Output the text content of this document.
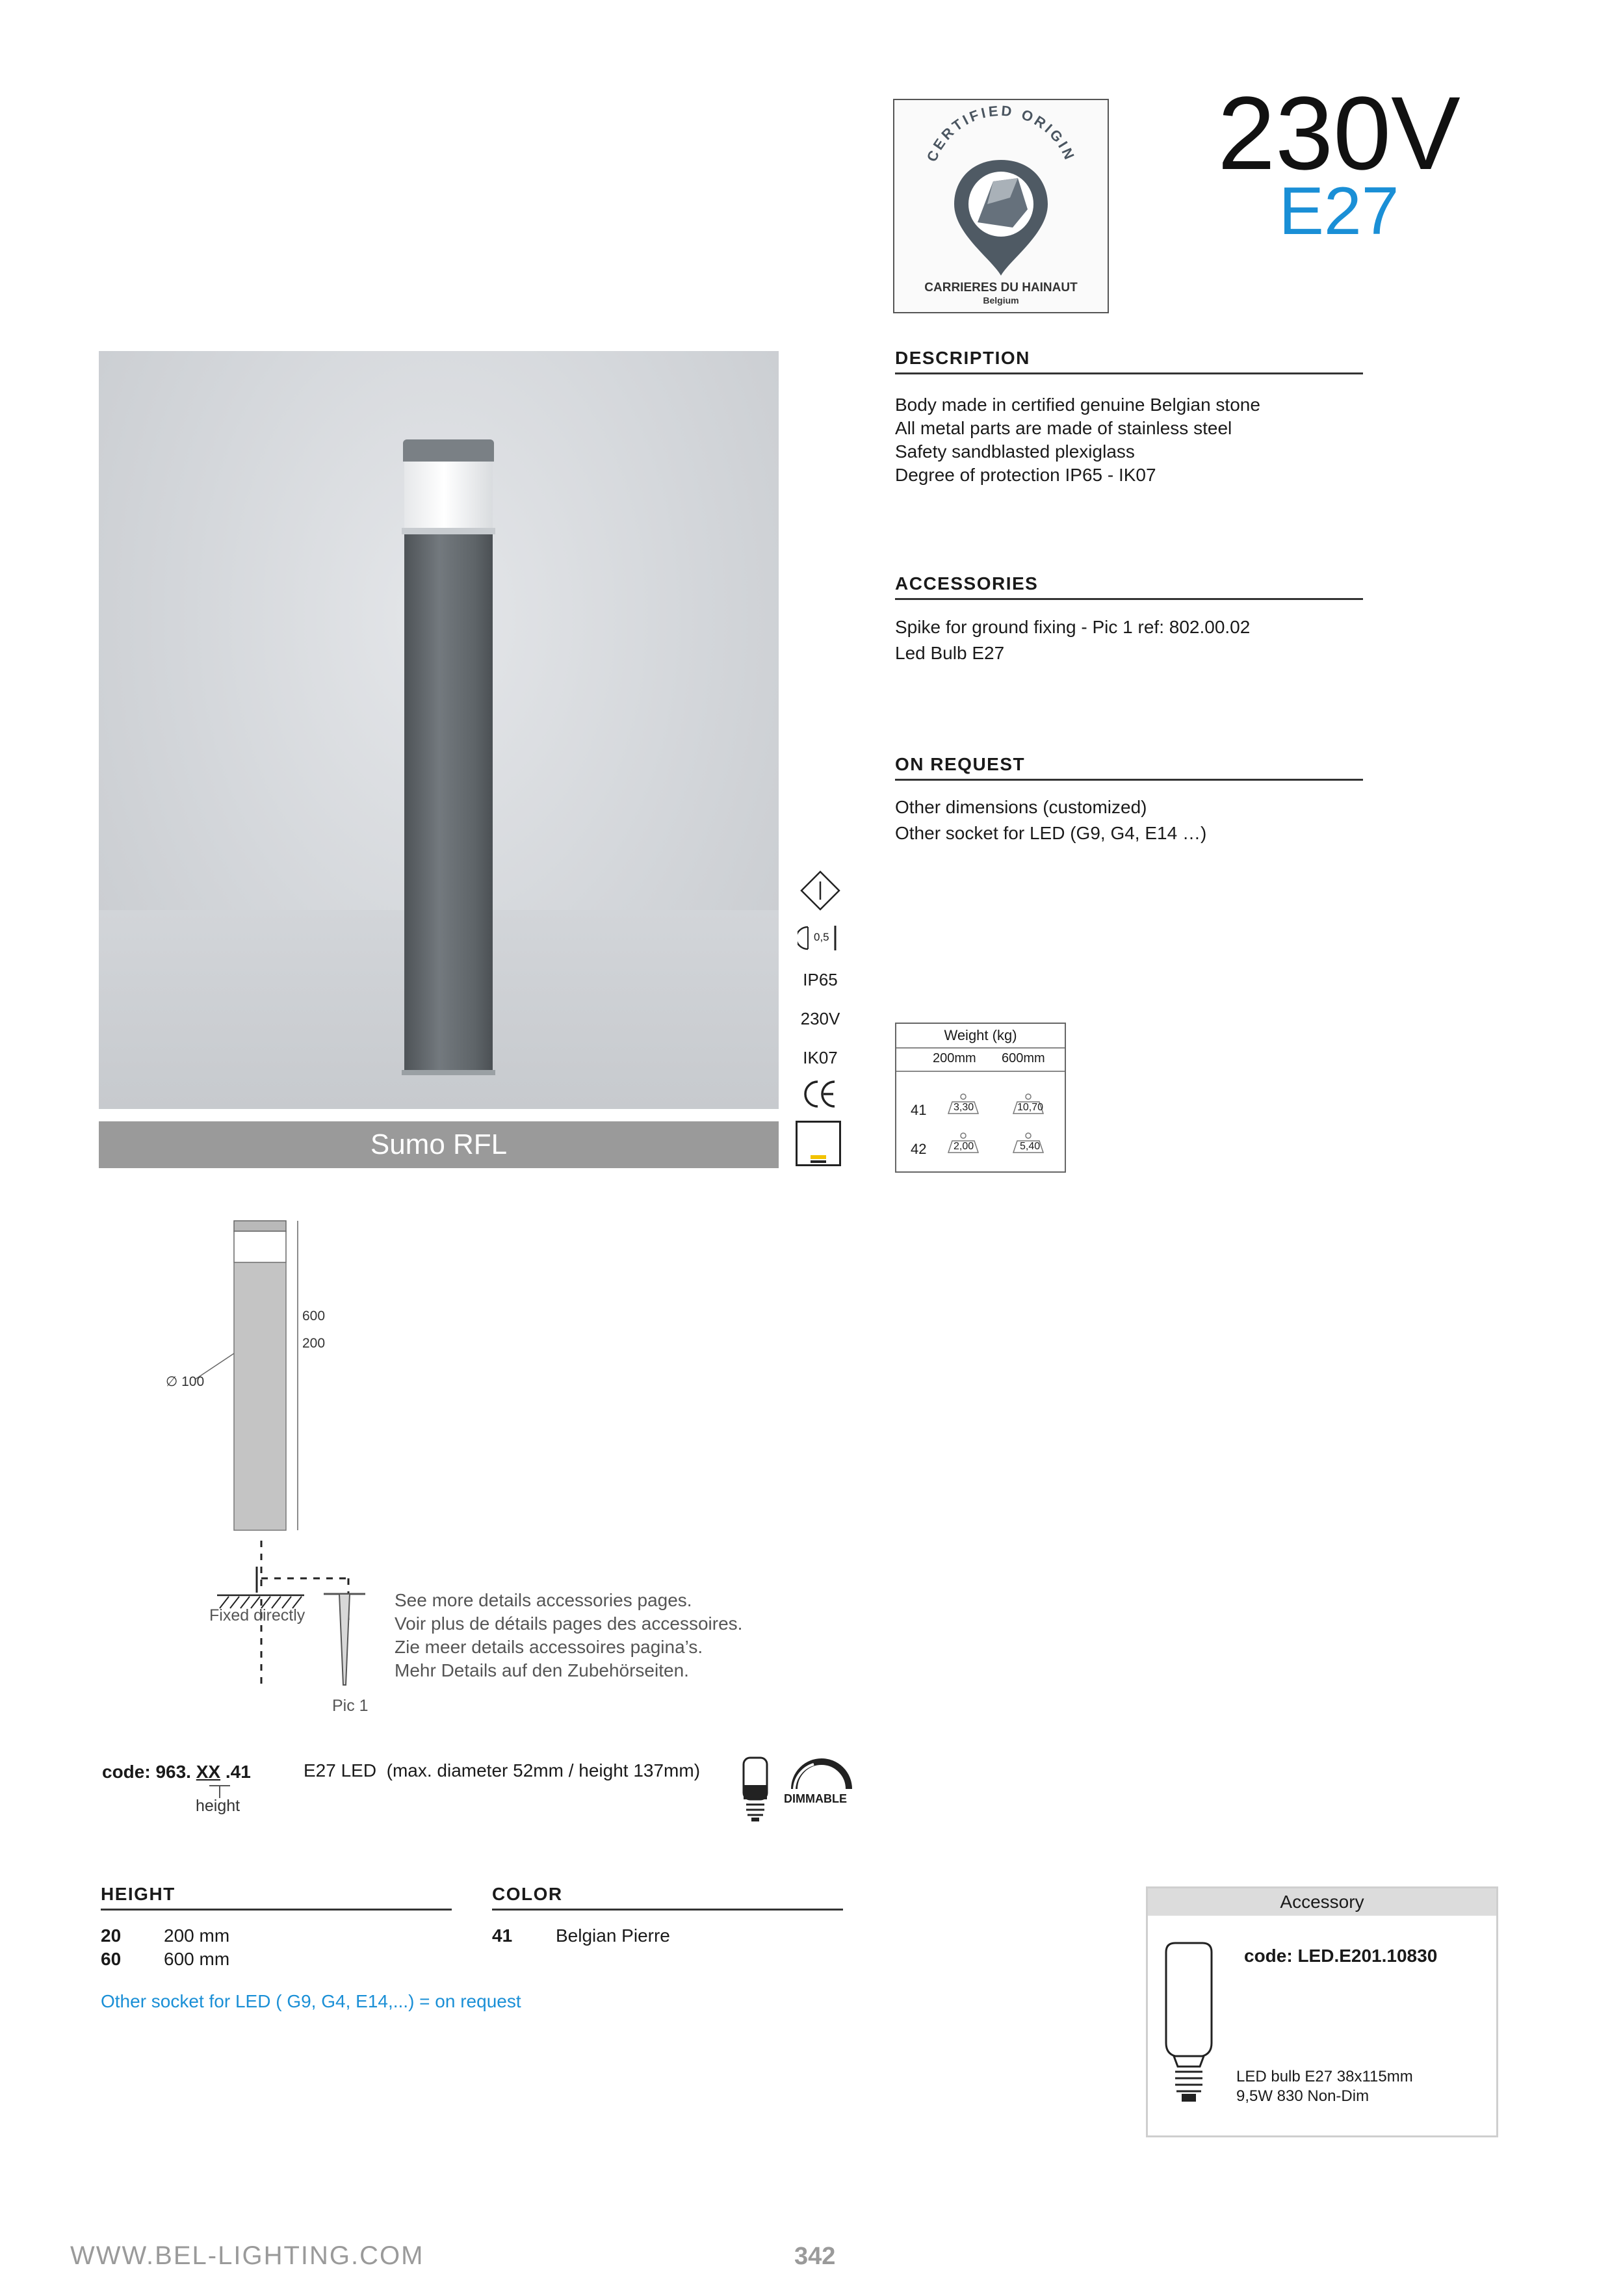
CERTIFIED ORIGIN
CARRIERES DU HAINAUT
Belgium
230V
E27
Sumo RFL
DESCRIPTION
Body made in certified genuine Belgian stone
All metal parts are made of stainless steel
Safety sandblasted plexiglass
Degree of protection IP65 - IK07
ACCESSORIES
Spike for ground fixing - Pic 1 ref: 802.00.02
Led Bulb E27
ON REQUEST
Other dimensions (customized)
Other socket for LED (G9, G4, E14 …)
0,5
IP65
230V
IK07
Weight (kg)
200mm 600mm
41	3,30	10,70
42	2,00	5,40
600
200
∅ 100
Fixed directly
Pic 1
See more details accessories pages.
Voir plus de détails pages des accessoires.
Zie meer details accessoires pagina’s.
Mehr Details auf den Zubehörseiten.
code: 963. XX .41
height
E27 LED  (max. diameter 52mm / height 137mm)
DIMMABLE
HEIGHT
20 200 mm
60 600 mm
COLOR
41 Belgian Pierre
Other socket for LED ( G9, G4, E14,...) = on request
Accessory
code: LED.E201.10830
LED bulb E27 38x115mm
9,5W 830 Non-Dim
WWW.BEL-LIGHTING.COM	342
